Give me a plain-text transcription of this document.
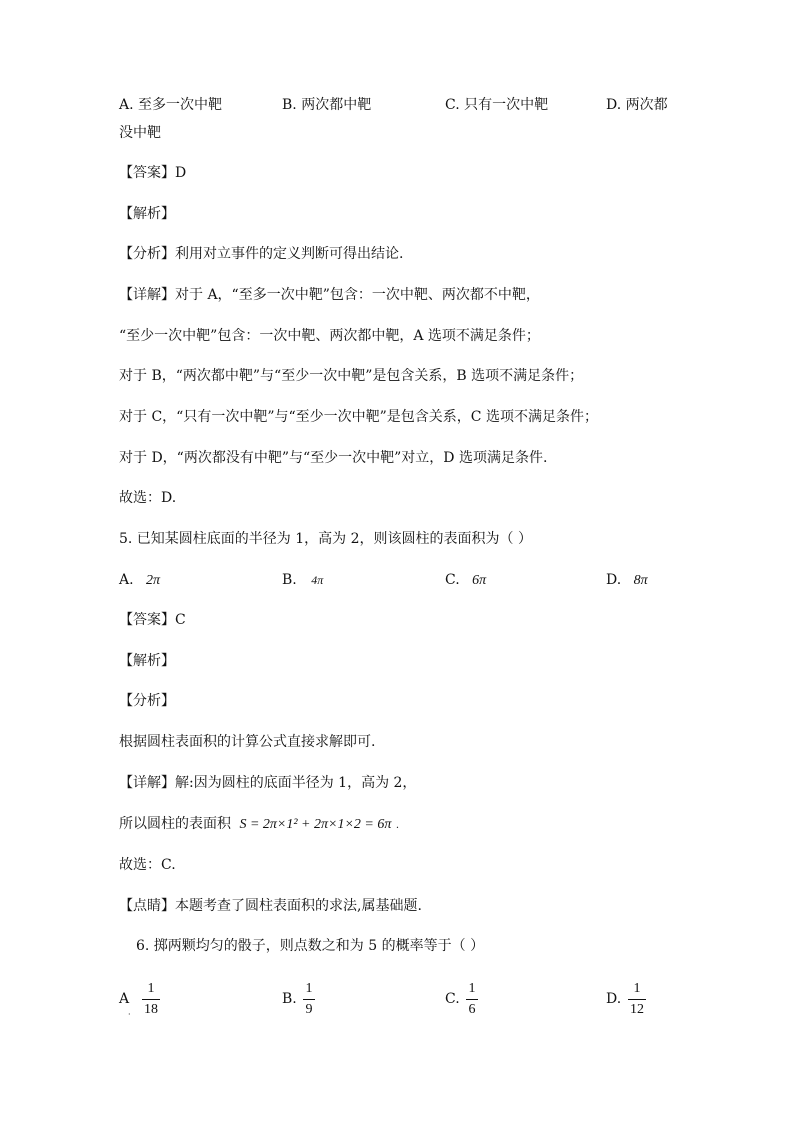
A. 至多一次中靶	B. 两次都中靶	C. 只有一次中靶	D. 两次都
没中靶
【答案】D
【解析】
【分析】利用对立事件的定义判断可得出结论.
【详解】对于 A，“至多一次中靶”包含：一次中靶、两次都不中靶，
“至少一次中靶”包含：一次中靶、两次都中靶，A 选项不满足条件；
对于 B，“两次都中靶”与“至少一次中靶”是包含关系，B 选项不满足条件；
对于 C，“只有一次中靶”与“至少一次中靶”是包含关系，C 选项不满足条件；
对于 D，“两次都没有中靶”与“至少一次中靶”对立，D 选项满足条件.
故选：D.
5. 已知某圆柱底面的半径为 1，高为 2，则该圆柱的表面积为（ ）
A. 2π	B. 4π	C. 6π	D. 8π
【答案】C
【解析】
【分析】
根据圆柱表面积的计算公式直接求解即可.
【详解】解:因为圆柱的底面半径为 1，高为 2，
所以圆柱的表面积 S = 2π×1² + 2π×1×2 = 6π .
故选：C.
【点睛】本题考查了圆柱表面积的求法,属基础题.
6. 掷两颗均匀的骰子，则点数之和为 5 的概率等于（ ）
A
·
1
18
B.
1
9
C.
1
6
D.
1
12
